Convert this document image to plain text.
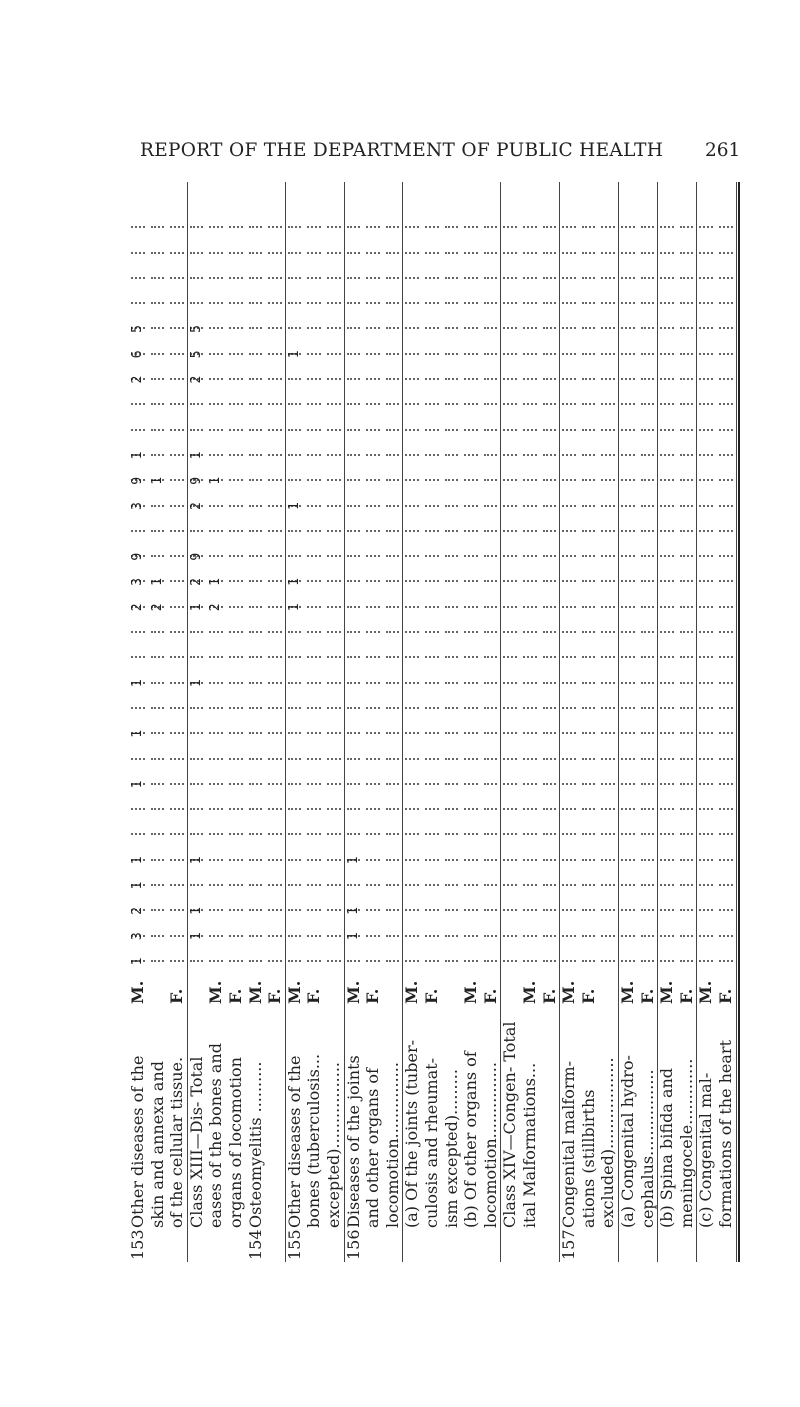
REPORT OF THE DEPARTMENT OF PUBLIC HEALTH	261
153
Other diseases of the
M.
skin and annexa and of the cellular tissue.
F.
Class XIII—Dis- Total eases of the bones and
M.
organs of locomotion
F.
154
Osteomyelitis ..........
M. F.
155
Other diseases of the
M.
bones (tuberculosis...
F.
excepted).................
156
Diseases of the joints
M.
and other organs of
F.
locomotion............... (a) Of the joints (tuber-
M.
culosis and rheumat-
F.
ism excepted)......... (b) Of other organs of
M.
locomotion...............
F.
Class XIV—Congen- Total ital Malformations...
M. F.
157
Congenital malform-
M.
ations (stillbirths
F.
excluded).................. (a) Congenital hydro-
M.
cephalus.................
F.
(b) Spina bifida and
M.
meningocele.............
F.
(c) Congenital mal-
M.
formations of the heart
F.
1
3
2
1
1
1
1
1
2
3
9
3
9
1
2
6
5
2
1
1
1
1
1
1
1
2
9
2
9
1
2
5
5
2
1
1
1
1
1
1
1
1
1
